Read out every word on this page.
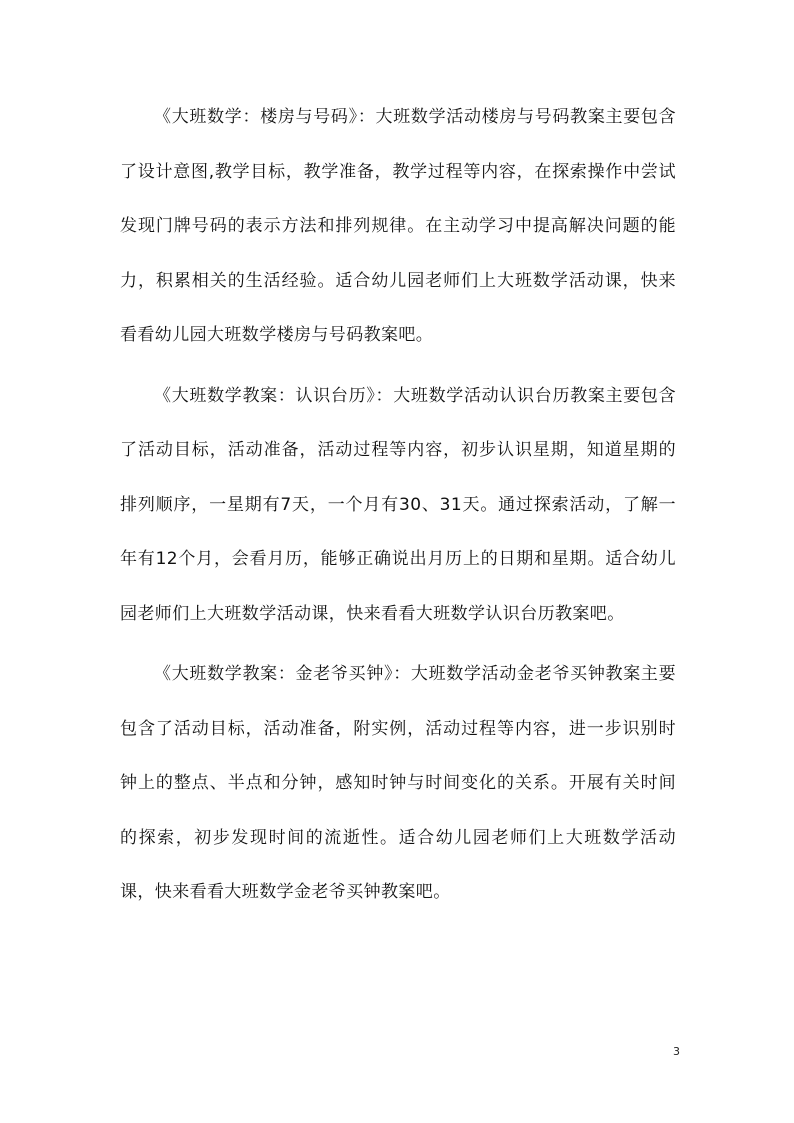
《大班数学：楼房与号码》：大班数学活动楼房与号码教案主要包含了设计意图,教学目标，教学准备，教学过程等内容，在探索操作中尝试发现门牌号码的表示方法和排列规律。在主动学习中提高解决问题的能力，积累相关的生活经验。适合幼儿园老师们上大班数学活动课，快来看看幼儿园大班数学楼房与号码教案吧。

《大班数学教案：认识台历》：大班数学活动认识台历教案主要包含了活动目标，活动准备，活动过程等内容，初步认识星期，知道星期的排列顺序，一星期有7天，一个月有30、31天。通过探索活动，了解一年有12个月，会看月历，能够正确说出月历上的日期和星期。适合幼儿园老师们上大班数学活动课，快来看看大班数学认识台历教案吧。

《大班数学教案：金老爷买钟》：大班数学活动金老爷买钟教案主要包含了活动目标，活动准备，附实例，活动过程等内容，进一步识别时钟上的整点、半点和分钟，感知时钟与时间变化的关系。开展有关时间的探索，初步发现时间的流逝性。适合幼儿园老师们上大班数学活动课，快来看看大班数学金老爷买钟教案吧。

3
